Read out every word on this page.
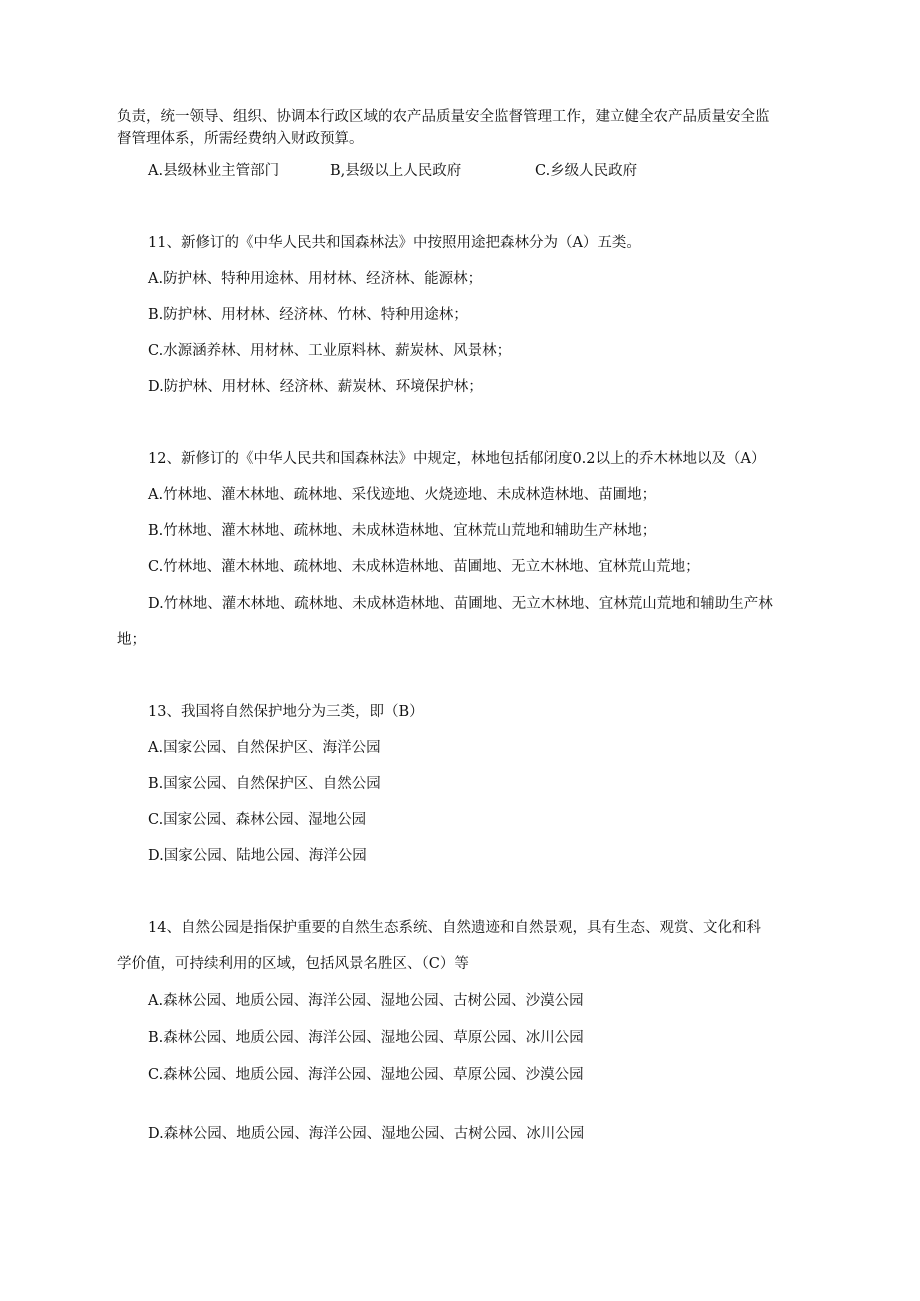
负责，统一领导、组织、协调本行政区域的农产品质量安全监督管理工作，建立健全农产品质量安全监
督管理体系，所需经费纳入财政预算。
A.县级林业主管部门	B,县级以上人民政府	C.乡级人民政府
11、新修订的《中华人民共和国森林法》中按照用途把森林分为（A）五类。
A.防护林、特种用途林、用材林、经济林、能源林；
B.防护林、用材林、经济林、竹林、特种用途林；
C.水源涵养林、用材林、工业原料林、薪炭林、风景林；
D.防护林、用材林、经济林、薪炭林、环境保护林；
12、新修订的《中华人民共和国森林法》中规定，林地包括郁闭度0.2以上的乔木林地以及（A）
A.竹林地、灌木林地、疏林地、采伐迹地、火烧迹地、未成林造林地、苗圃地；
B.竹林地、灌木林地、疏林地、未成林造林地、宜林荒山荒地和辅助生产林地；
C.竹林地、灌木林地、疏林地、未成林造林地、苗圃地、无立木林地、宜林荒山荒地；
D.竹林地、灌木林地、疏林地、未成林造林地、苗圃地、无立木林地、宜林荒山荒地和辅助生产林
地；
13、我国将自然保护地分为三类，即（B）
A.国家公园、自然保护区、海洋公园
B.国家公园、自然保护区、自然公园
C.国家公园、森林公园、湿地公园
D.国家公园、陆地公园、海洋公园
14、自然公园是指保护重要的自然生态系统、自然遗迹和自然景观，具有生态、观赏、文化和科
学价值，可持续利用的区域，包括风景名胜区、（C）等
A.森林公园、地质公园、海洋公园、湿地公园、古树公园、沙漠公园
B.森林公园、地质公园、海洋公园、湿地公园、草原公园、冰川公园
C.森林公园、地质公园、海洋公园、湿地公园、草原公园、沙漠公园
D.森林公园、地质公园、海洋公园、湿地公园、古树公园、冰川公园
